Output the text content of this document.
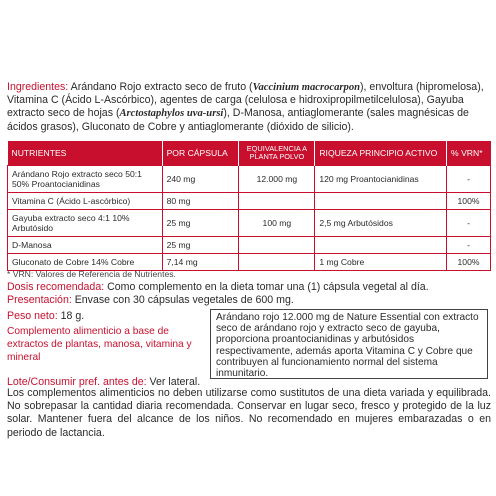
Ingredientes: Arándano Rojo extracto seco de fruto (Vaccinium macrocarpon), envoltura (hipromelosa), Vitamina C (Ácido L-Ascórbico), agentes de carga (celulosa e hidroxipropilmetilcelulosa), Gayuba extracto seco de hojas (Arctostaphylos uva-ursi), D-Manosa, antiaglomerante (sales magnésicas de ácidos grasos), Gluconato de Cobre y antiaglomerante (dióxido de silicio).

NUTRIENTES	POR CÁPSULA	EQUIVALENCIA A PLANTA POLVO	RIQUEZA PRINCIPIO ACTIVO	% VRN*
Arándano Rojo extracto seco 50:1 50% Proantocianidinas	240 mg	12.000 mg	120 mg Proantocianidinas	-
Vitamina C (Ácido L-ascórbico)	80 mg			100%
Gayuba extracto seco 4:1 10% Arbutósido	25 mg	100 mg	2,5 mg Arbutósidos	-
D-Manosa	25 mg			-
Gluconato de Cobre 14% Cobre	7,14 mg		1 mg Cobre	100%
* VRN: Valores de Referencia de Nutrientes.
Dosis recomendada: Como complemento en la dieta tomar una (1) cápsula vegetal al día.
Presentación: Envase con 30 cápsulas vegetales de 600 mg.
Peso neto: 18 g.
Complemento alimenticio a base de extractos de plantas, manosa, vitamina y mineral
Lote/Consumir pref. antes de: Ver lateral.
Arándano rojo 12.000 mg de Nature Essential con extracto seco de arándano rojo y extracto seco de gayuba, proporciona proantocianidinas y arbutósidos respectivamente, además aporta Vitamina C y Cobre que contribuyen al funcionamiento normal del sistema inmunitario.

Los complementos alimenticios no deben utilizarse como sustitutos de una dieta variada y equilibrada. No sobrepasar la cantidad diaria recomendada. Conservar en lugar seco, fresco y protegido de la luz solar. Mantener fuera del alcance de los niños. No recomendado en mujeres embarazadas o en periodo de lactancia.
